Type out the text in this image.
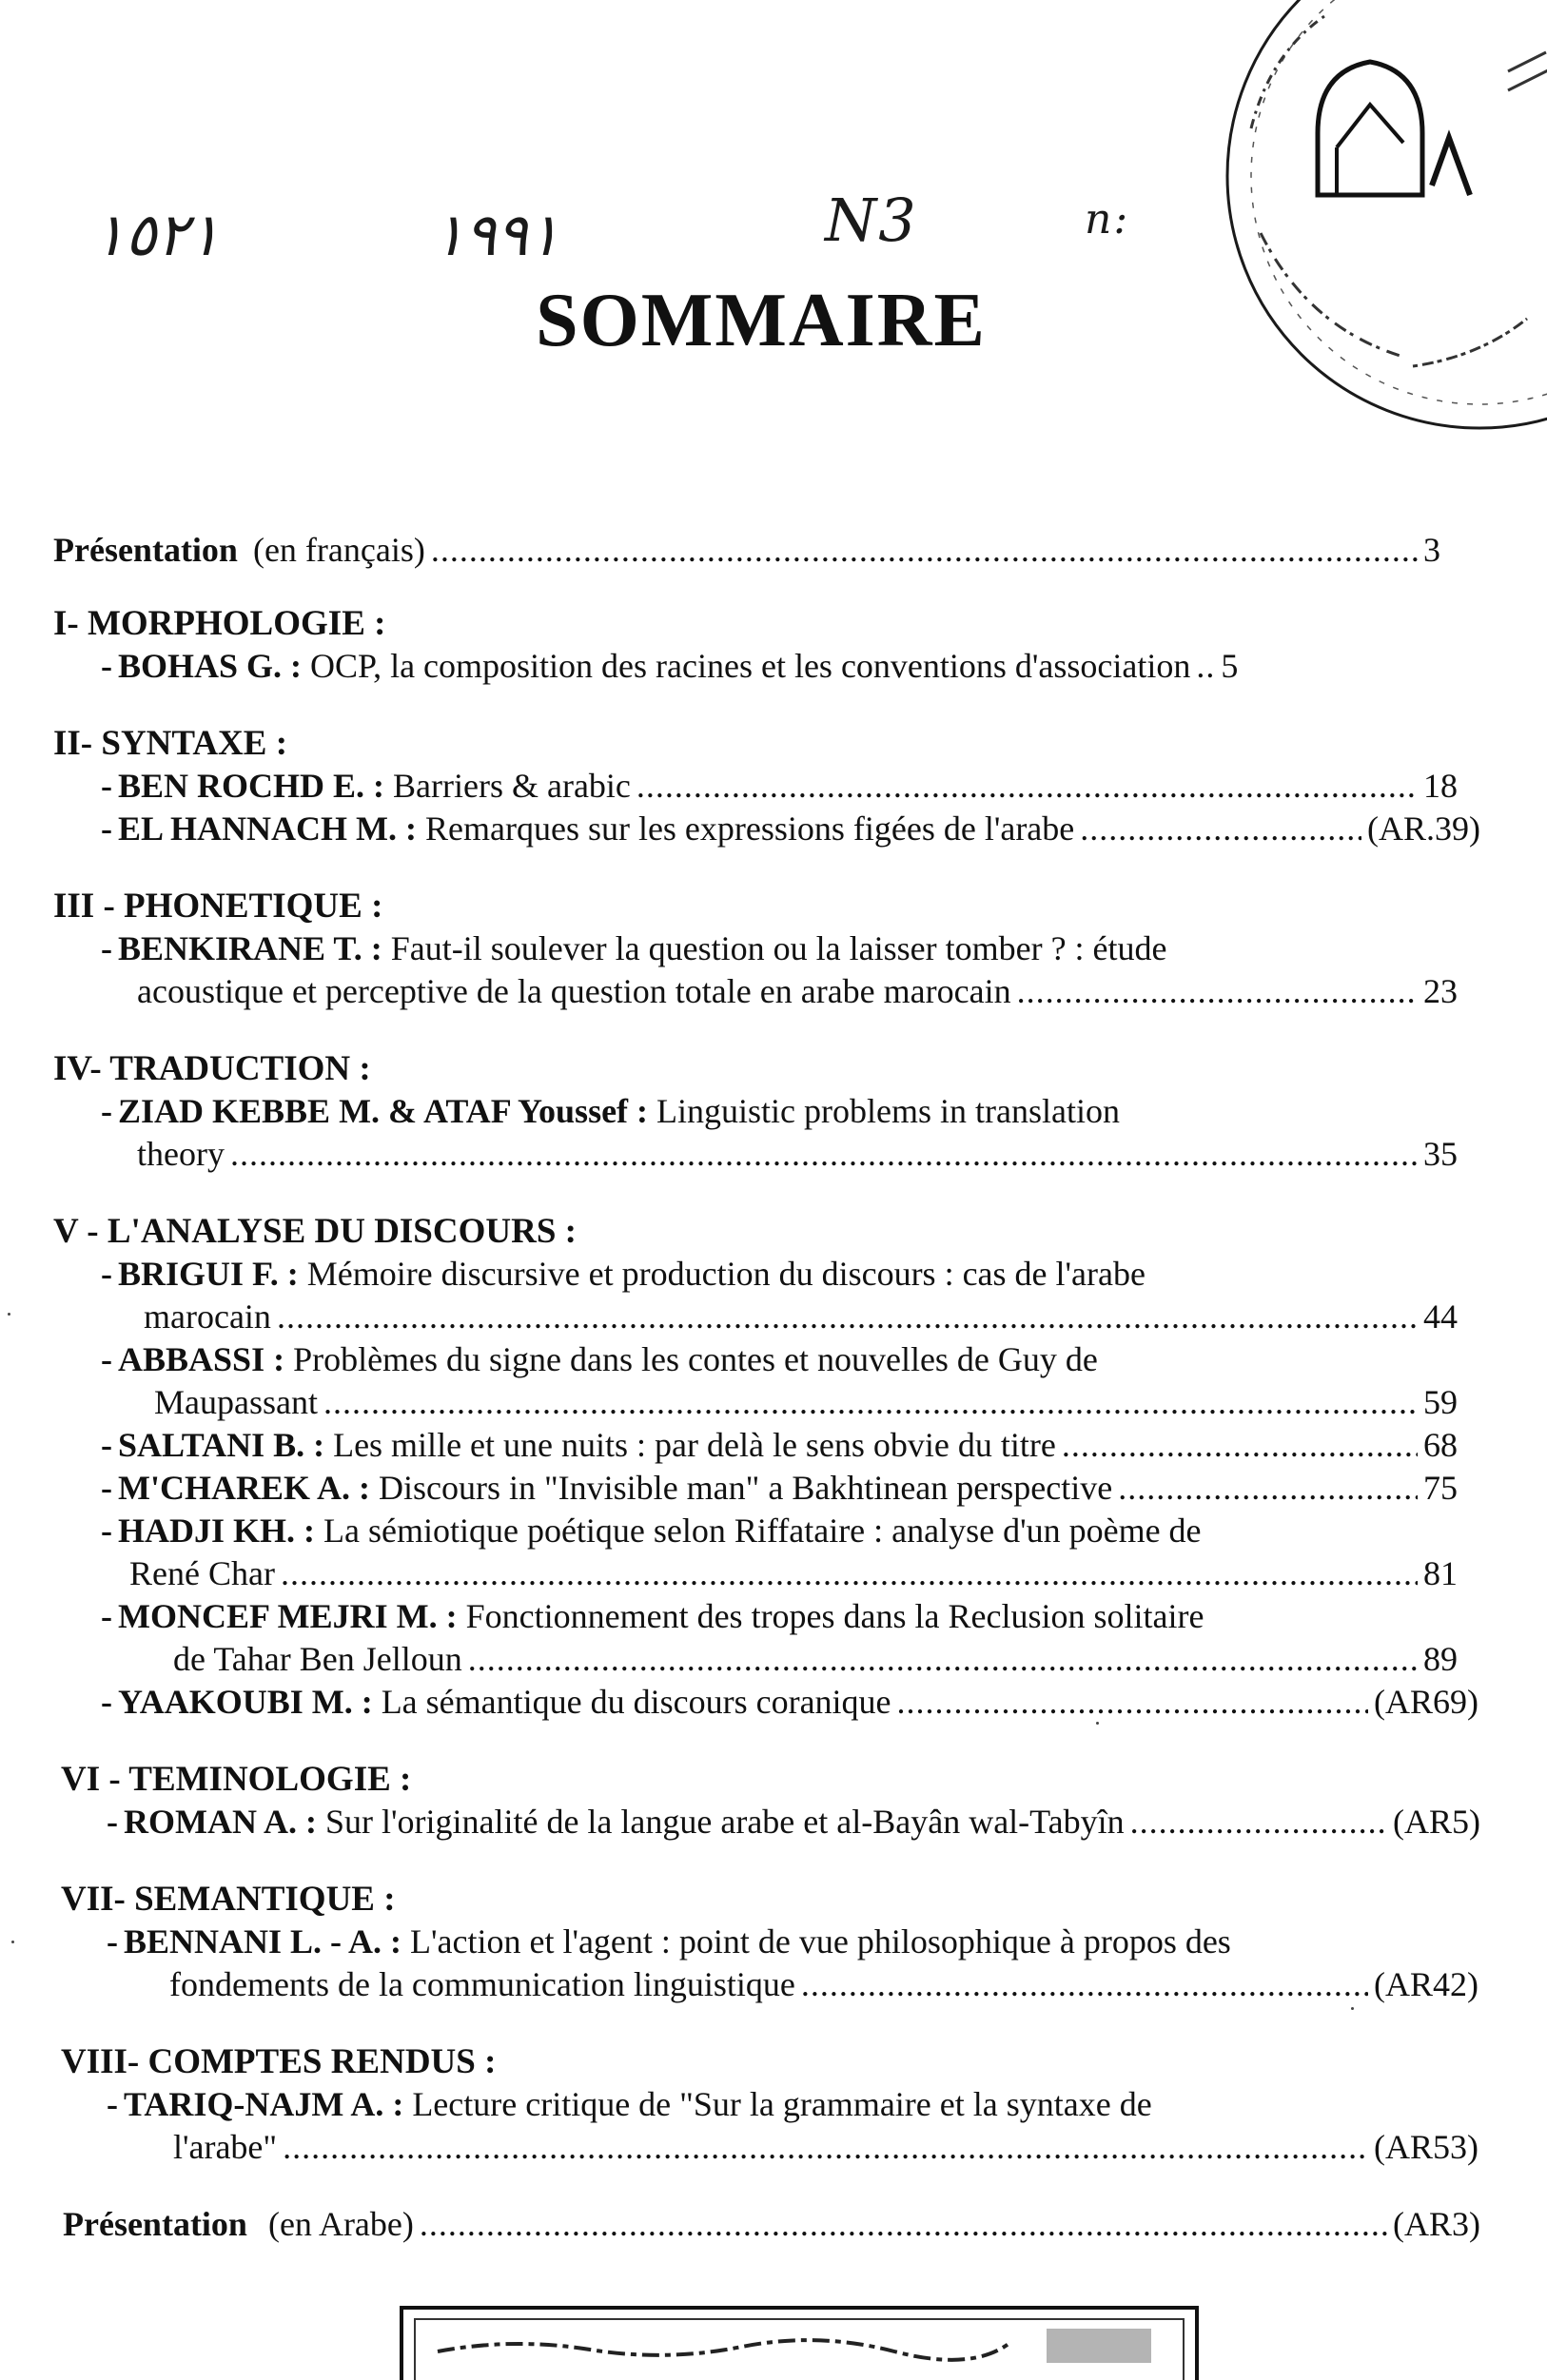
١٥٢١	١٩٩١	N3	n:
SOMMAIRE
Présentation (en français) .....	3
I- MORPHOLOGIE :
- BOHAS G. :
OCP, la composition des racines et les conventions d'association ..... 5
II- SYNTAXE :
- BEN ROCHD E. :
Barriers & arabic .....	18
- EL HANNACH M. :
Remarques sur les expressions figées de l'arabe .....	(AR.39)
III - PHONETIQUE :
- BENKIRANE T. :
Faut-il soulever la question ou la laisser tomber ? : étude
acoustique et perceptive de la question totale en arabe marocain .....	23
IV- TRADUCTION :
- ZIAD KEBBE M. & ATAF Youssef :
Linguistic problems in translation
theory .....	35
V - L'ANALYSE DU DISCOURS :
- BRIGUI F. :
Mémoire discursive et production du discours : cas de l'arabe
marocain .....	44
- ABBASSI :
Problèmes du signe dans les contes et nouvelles de Guy de
Maupassant .....	59
- SALTANI B. :
Les mille et une nuits : par delà le sens obvie du titre .....	68
- M'CHAREK A. :
Discours in "Invisible man" a Bakhtinean perspective .....	75
- HADJI KH. :
La sémiotique poétique selon Riffataire : analyse d'un poème de
René Char .....	81
- MONCEF MEJRI M. :
Fonctionnement des tropes dans la Reclusion solitaire
de Tahar Ben Jelloun .....	89
- YAAKOUBI M. :
La sémantique du discours coranique .....	(AR69)
VI - TEMINOLOGIE :
- ROMAN A. :
Sur l'originalité de la langue arabe et al-Bayân wal-Tabyîn .....	(AR5)
VII- SEMANTIQUE :
- BENNANI L. - A. :
L'action et l'agent : point de vue philosophique à propos des
fondements de la communication linguistique .....	(AR42)
VIII- COMPTES RENDUS :
- TARIQ-NAJM A. :
Lecture critique de "Sur la grammaire et la syntaxe de
l'arabe" .....	(AR53)
Présentation (en Arabe) .....	(AR3)
